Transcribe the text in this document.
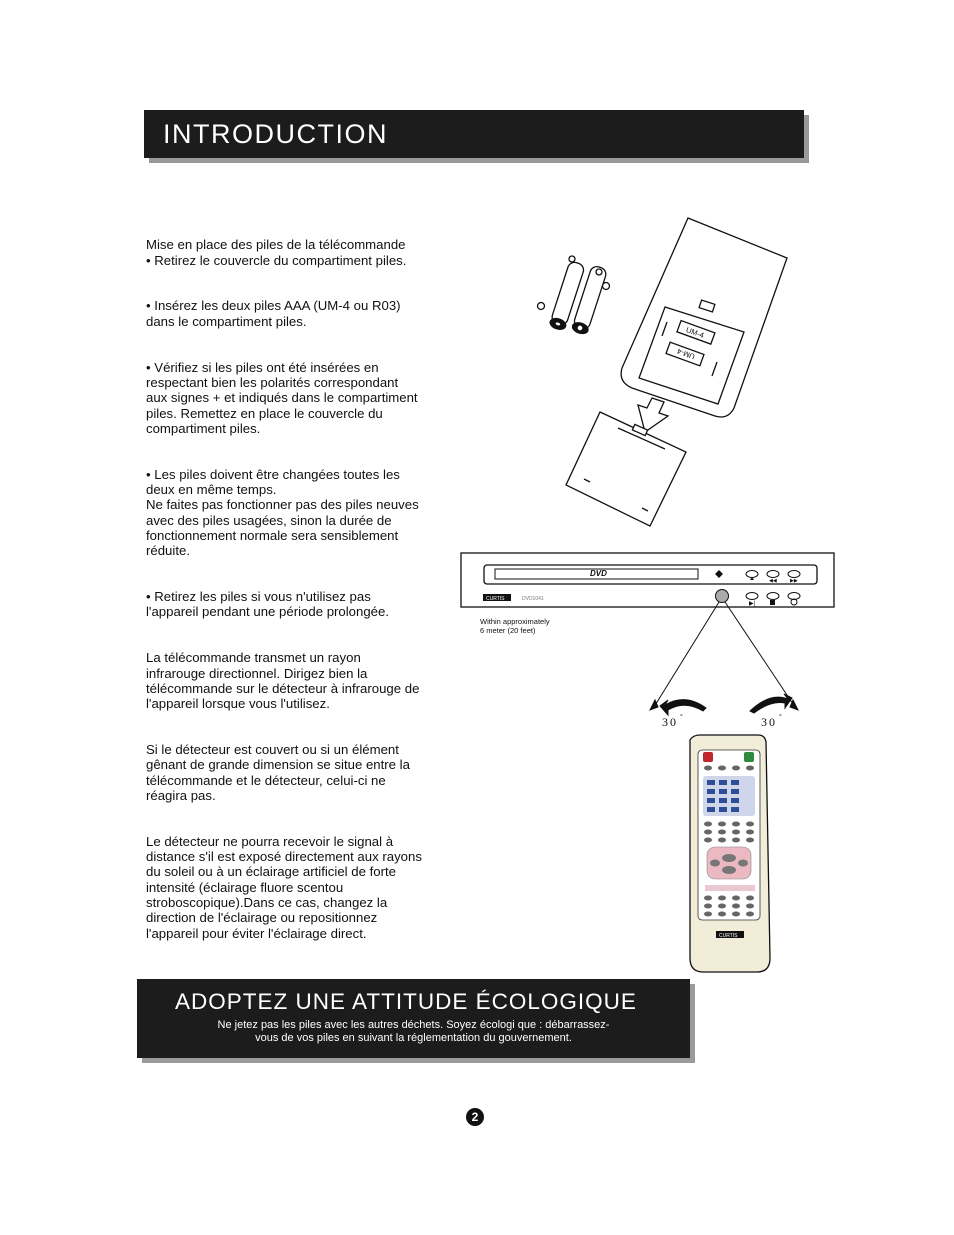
INTRODUCTION

Mise en place des piles de la télécommande
• Retirez le couvercle du compartiment piles.

• Insérez les deux piles AAA (UM-4 ou R03)
dans le compartiment piles.

• Vérifiez si les piles ont été insérées en
respectant bien les polarités correspondant
aux signes + et indiqués dans le compartiment
piles. Remettez en place le couvercle du
compartiment piles.

• Les piles doivent être changées toutes les
deux en même temps.
Ne faites pas fonctionner pas des piles neuves
avec des piles usagées, sinon la durée de
fonctionnement normale sera sensiblement
réduite.

• Retirez les piles si vous n'utilisez pas
l'appareil pendant une période prolongée.

La télécommande transmet un rayon
infrarouge directionnel. Dirigez bien la
télécommande sur le détecteur à infrarouge de
l'appareil lorsque vous l'utilisez.

Si le détecteur est couvert ou si un élément
gênant de grande dimension se situe entre la
télécommande et le détecteur, celui-ci ne
réagira pas.

Le détecteur ne pourra recevoir le signal à
distance s'il est exposé directement aux rayons
du soleil ou à un éclairage artificiel de forte
intensité (éclairage fluore scentou
stroboscopique).Dans ce cas, changez la
direction de l'éclairage ou repositionnez
l'appareil pour éviter l'éclairage direct.

UM-4
UM-4
DVD
◀◀	▶▶
CURTIS	DVD1041
▶|
Within approximately
6 meter (20 feet)
30 °	30 °
CURTIS
ADOPTEZ UNE ATTITUDE ÉCOLOGIQUE
Ne jetez pas les piles avec les autres déchets. Soyez écologi que : débarrassez-
vous de vos piles en suivant la réglementation du gouvernement.
2
